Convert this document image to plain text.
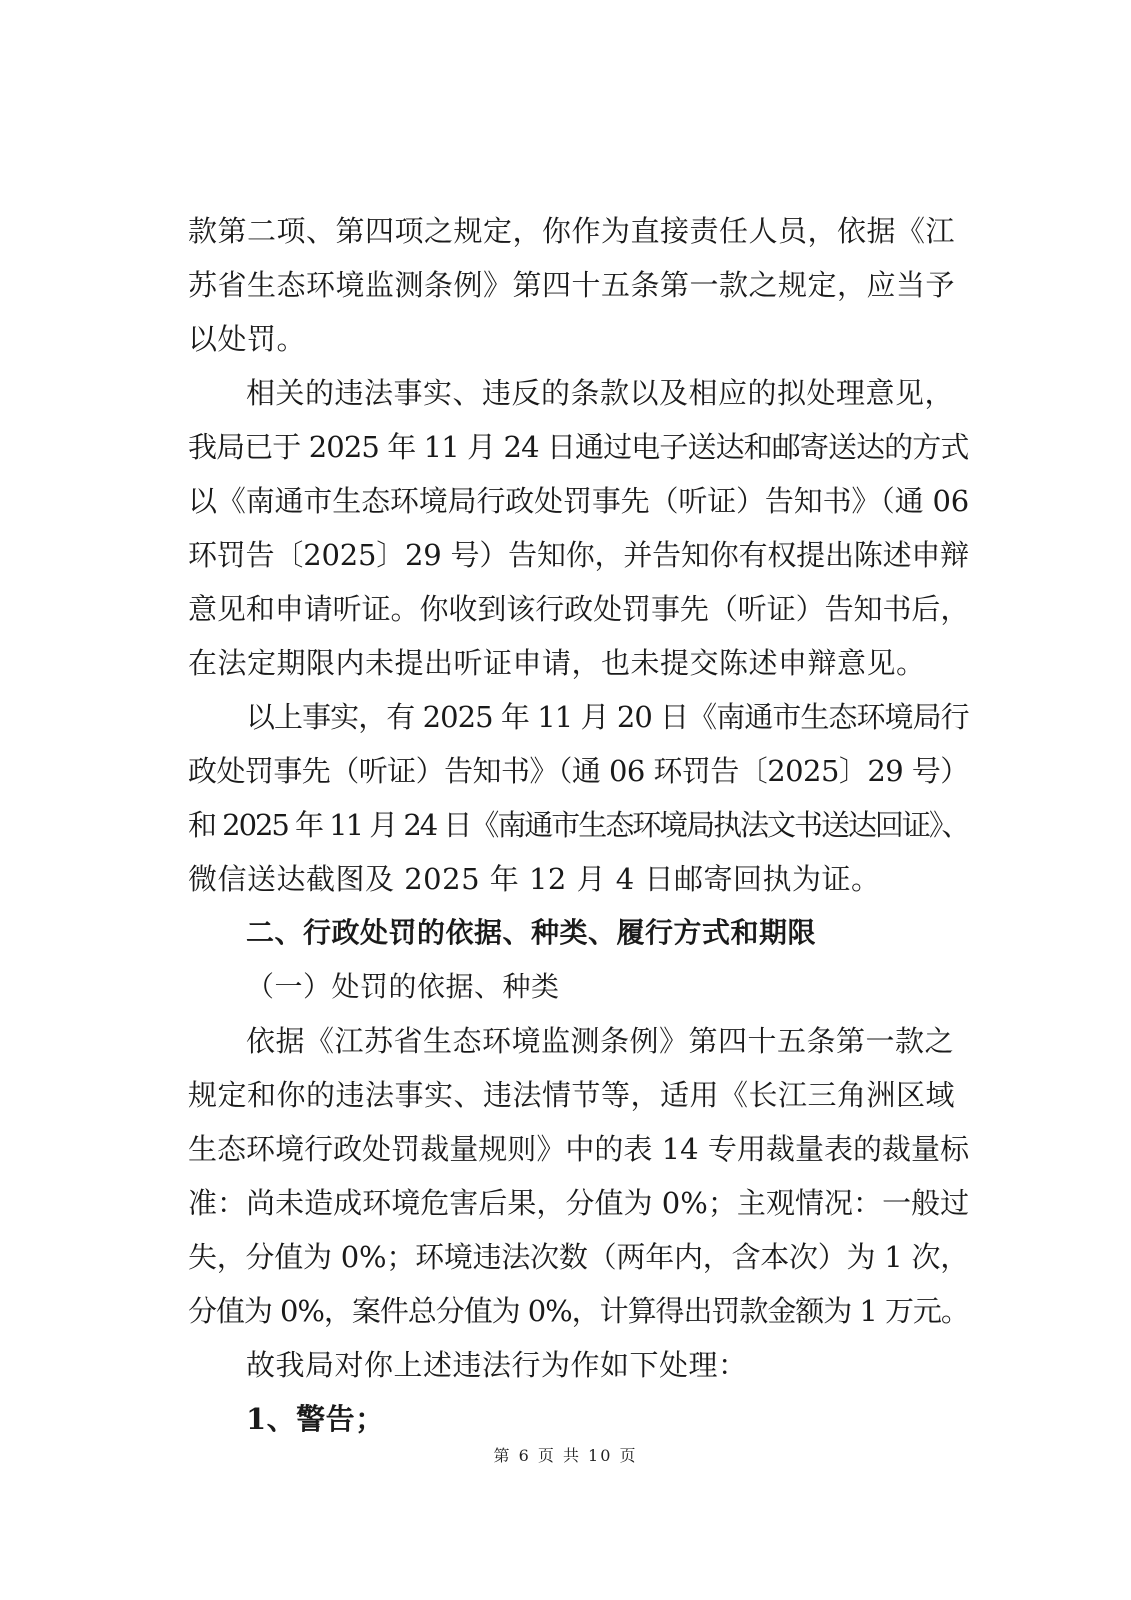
款第二项、第四项之规定，你作为直接责任人员，依据《江
苏省生态环境监测条例》第四十五条第一款之规定，应当予
以处罚。
相关的违法事实、违反的条款以及相应的拟处理意见，
我局已于 2025 年 11 月 24 日通过电子送达和邮寄送达的方式
以《南通市生态环境局行政处罚事先（听证）告知书》（通 06
环罚告〔2025〕29 号）告知你，并告知你有权提出陈述申辩
意见和申请听证。你收到该行政处罚事先（听证）告知书后，
在法定期限内未提出听证申请，也未提交陈述申辩意见。
以上事实，有 2025 年 11 月 20 日《南通市生态环境局行
政处罚事先（听证）告知书》（通 06 环罚告〔2025〕29 号）
和 2025 年 11 月 24 日《南通市生态环境局执法文书送达回证》、
微信送达截图及 2025 年 12 月 4 日邮寄回执为证。
二、行政处罚的依据、种类、履行方式和期限
（一）处罚的依据、种类
依据《江苏省生态环境监测条例》第四十五条第一款之
规定和你的违法事实、违法情节等，适用《长江三角洲区域
生态环境行政处罚裁量规则》中的表 14 专用裁量表的裁量标
准：尚未造成环境危害后果，分值为 0%；主观情况：一般过
失，分值为 0%；环境违法次数（两年内，含本次）为 1 次，
分值为 0%，案件总分值为 0%，计算得出罚款金额为 1 万元。
故我局对你上述违法行为作如下处理：
1、警告；
第 6 页 共 10 页
